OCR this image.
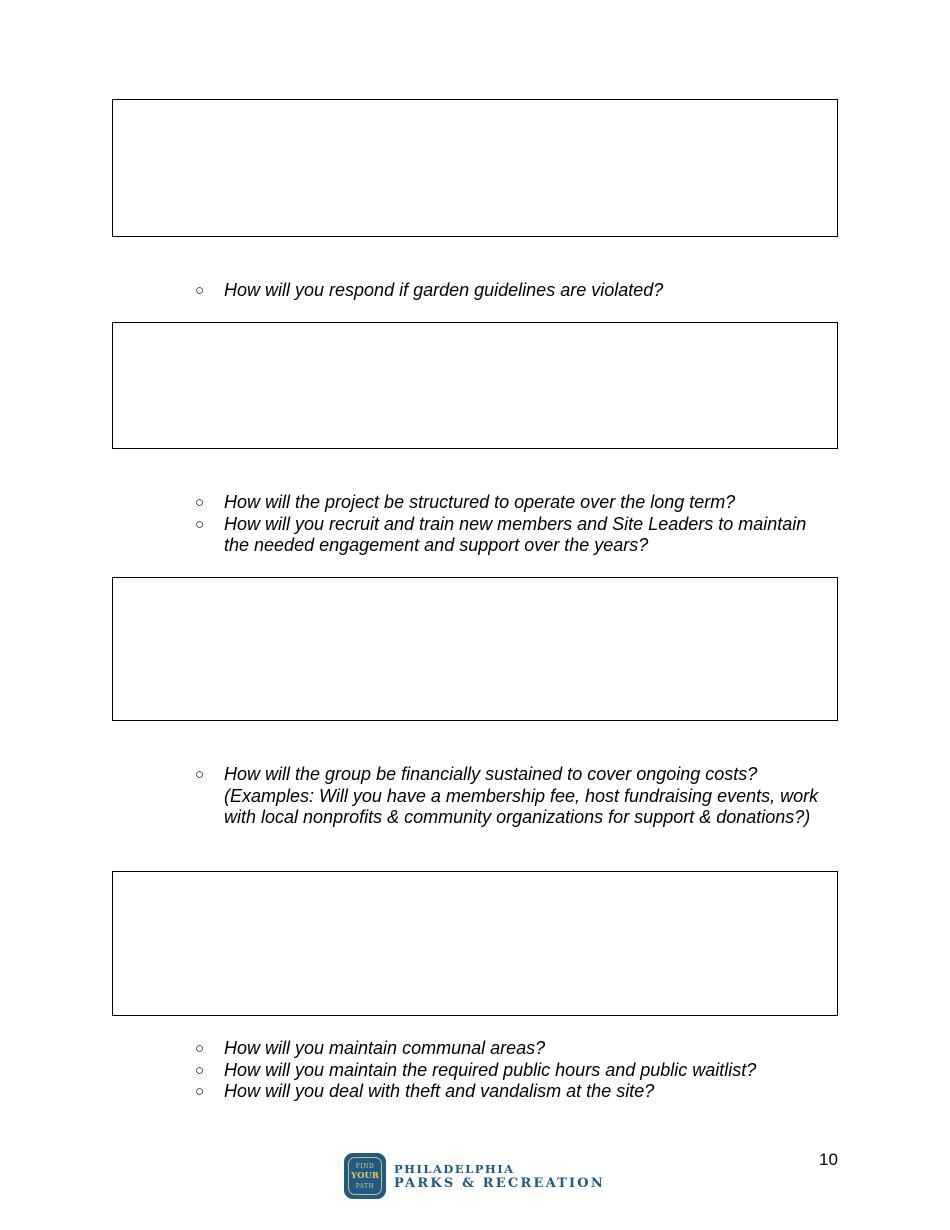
○ How will you respond if garden guidelines are violated?
○ How will the project be structured to operate over the long term?
○ How will you recruit and train new members and Site Leaders to maintain the needed engagement and support over the years?
○ How will the group be financially sustained to cover ongoing costs? (Examples: Will you have a membership fee, host fundraising events, work with local nonprofits & community organizations for support & donations?)
○ How will you maintain communal areas?
○ How will you maintain the required public hours and public waitlist?
○ How will you deal with theft and vandalism at the site?
FIND
YOUR
PATH
PHILADELPHIA
PARKS & RECREATION
10
